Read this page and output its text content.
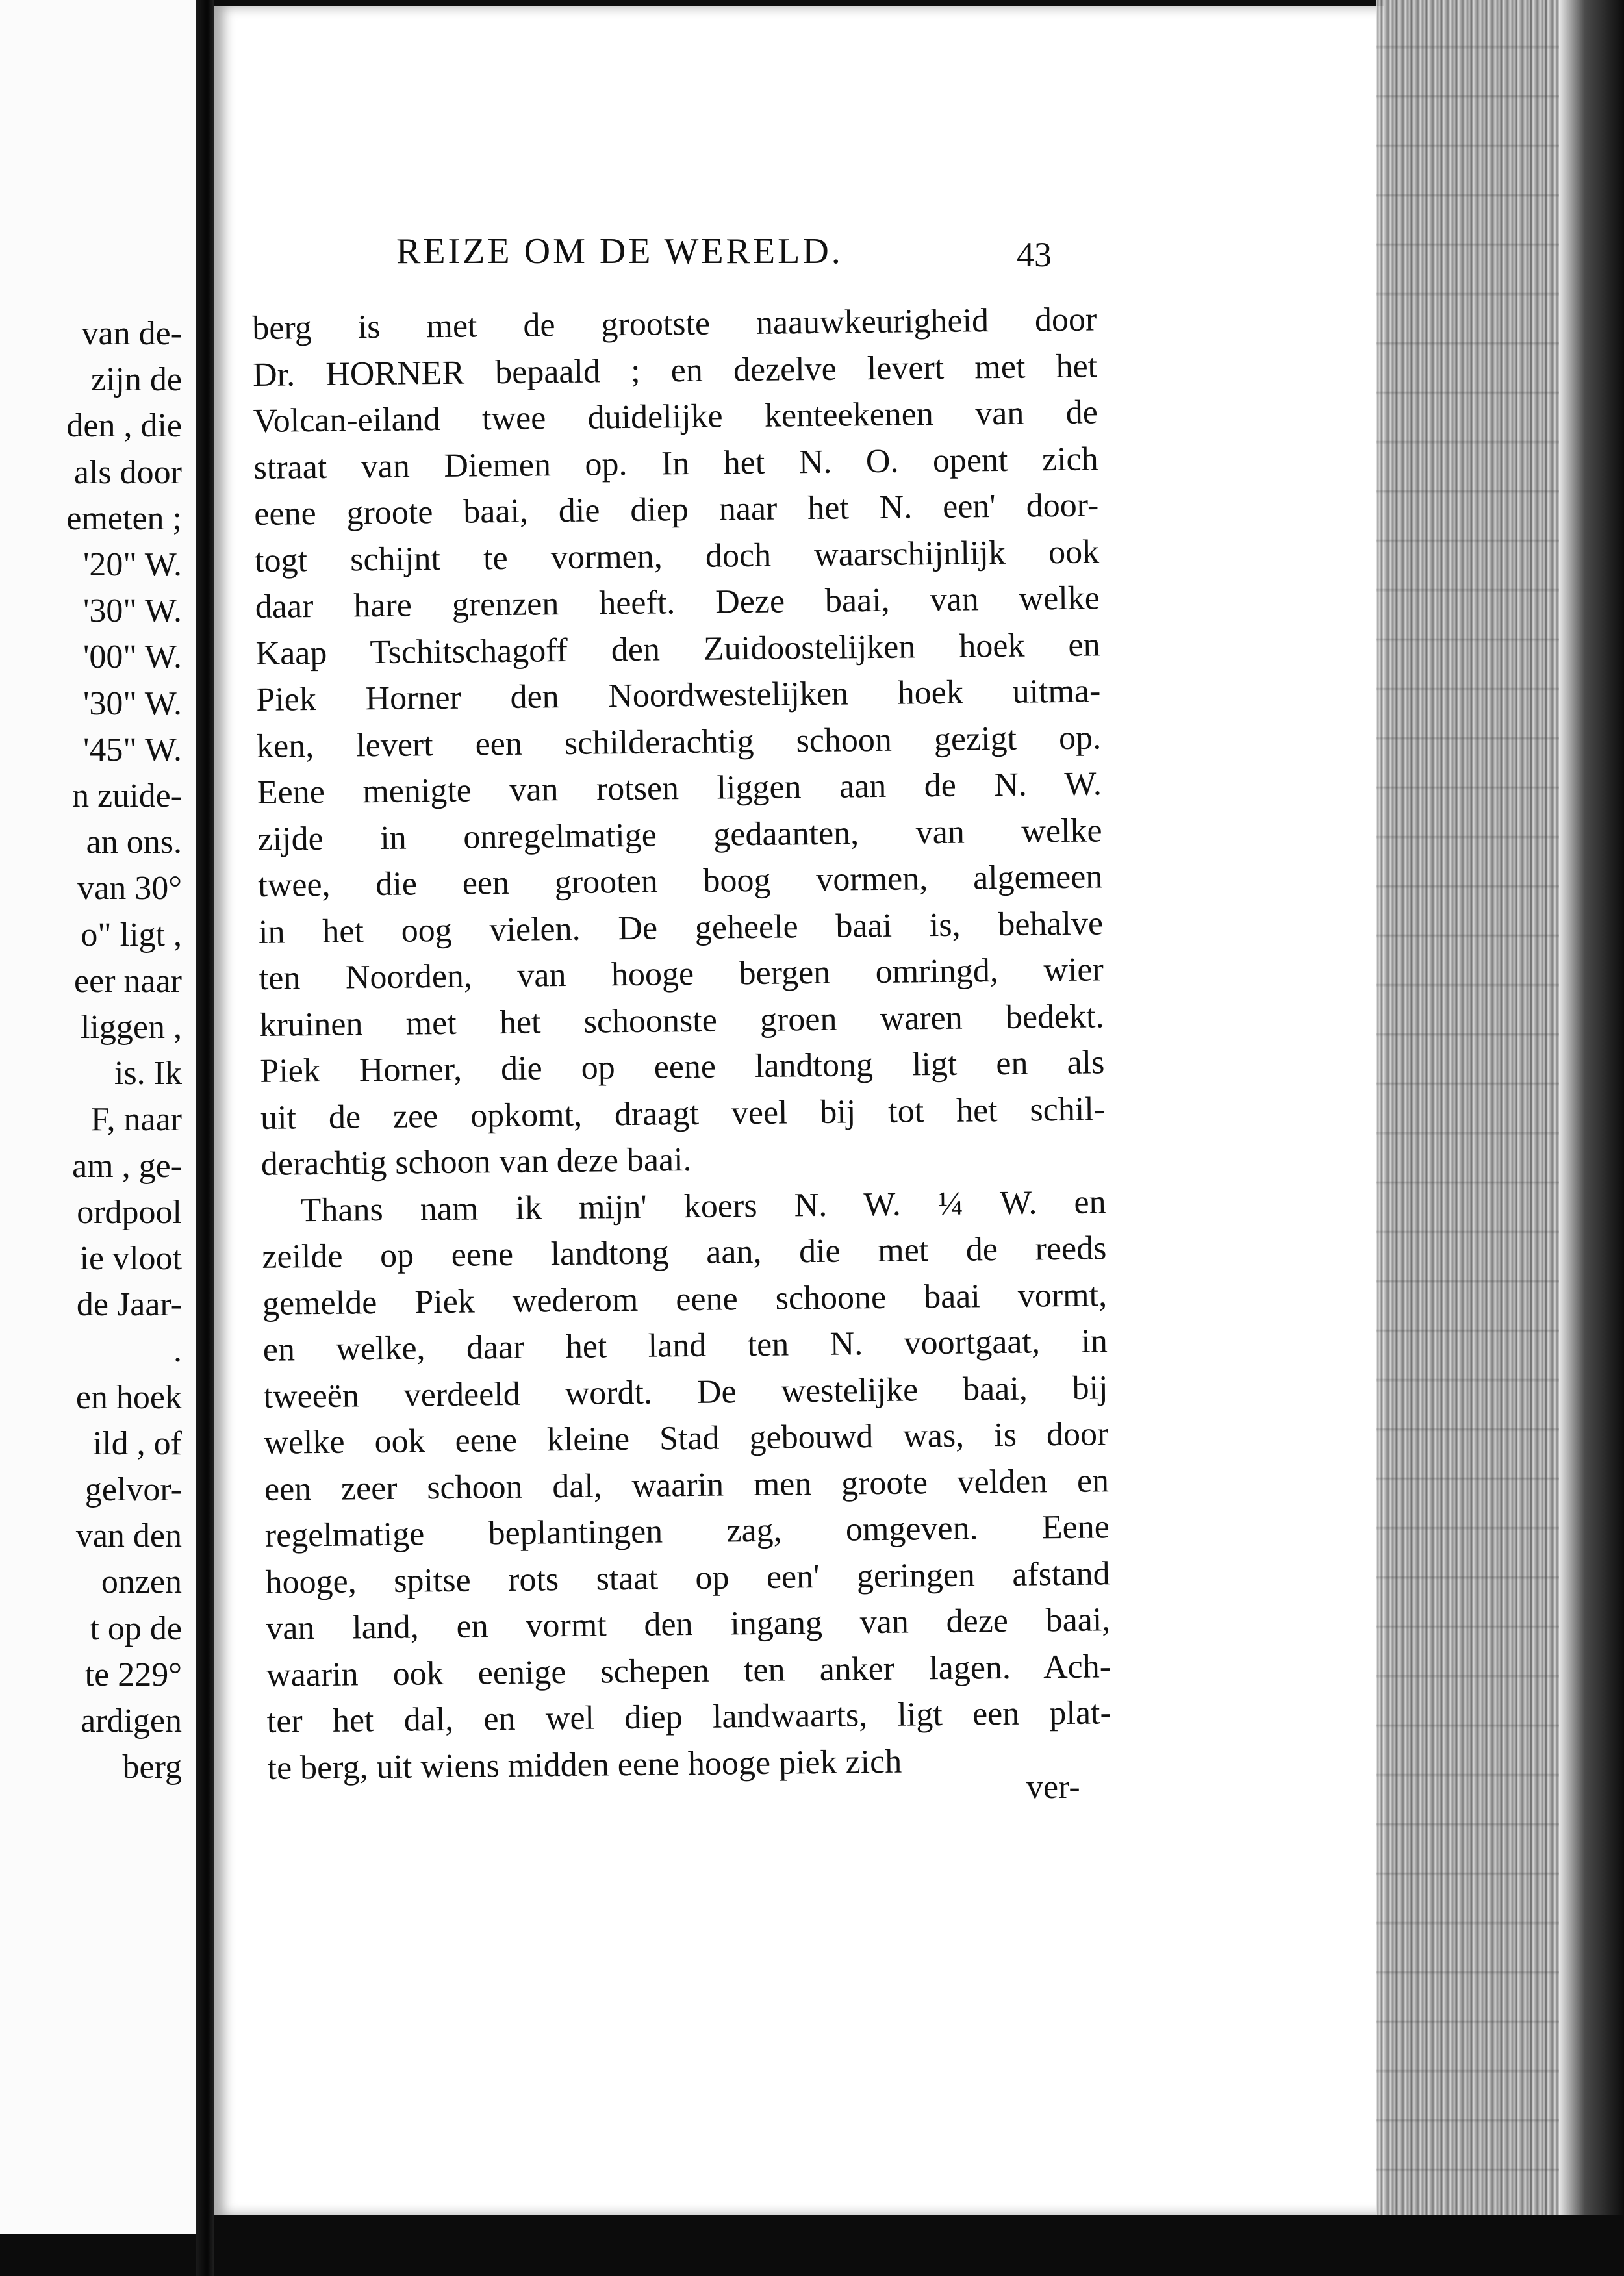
van de-
zijn de
den , die
als door
emeten ;
'20" W.
'30" W.
'00" W.
'30" W.
'45" W.
n zuide-
an ons.
van 30°
o" ligt ,
eer naar
liggen ,
is. Ik
F, naar
am , ge-
ordpool
ie vloot
de Jaar-
.
en hoek
ild , of
gelvor-
van den
onzen
t op de
te 229°
ardigen
berg
REIZE OM DE WERELD.	43
berg is met de grootste naauwkeurigheid door
Dr. HORNER bepaald ; en dezelve levert met het
Volcan-eiland twee duidelijke kenteekenen van de
straat van Diemen op. In het N. O. opent zich
eene groote baai, die diep naar het N. een' door-
togt schijnt te vormen, doch waarschijnlijk ook
daar hare grenzen heeft. Deze baai, van welke
Kaap Tschitschagoff den Zuidoostelijken hoek en
Piek Horner den Noordwestelijken hoek uitma-
ken, levert een schilderachtig schoon gezigt op.
Eene menigte van rotsen liggen aan de N. W.
zijde in onregelmatige gedaanten, van welke
twee, die een grooten boog vormen, algemeen
in het oog vielen. De geheele baai is, behalve
ten Noorden, van hooge bergen omringd, wier
kruinen met het schoonste groen waren bedekt.
Piek Horner, die op eene landtong ligt en als
uit de zee opkomt, draagt veel bij tot het schil-
derachtig schoon van deze baai.
Thans nam ik mijn' koers N. W. ¼ W. en
zeilde op eene landtong aan, die met de reeds
gemelde Piek wederom eene schoone baai vormt,
en welke, daar het land ten N. voortgaat, in
tweeën verdeeld wordt. De westelijke baai, bij
welke ook eene kleine Stad gebouwd was, is door
een zeer schoon dal, waarin men groote velden en
regelmatige beplantingen zag, omgeven. Eene
hooge, spitse rots staat op een' geringen afstand
van land, en vormt den ingang van deze baai,
waarin ook eenige schepen ten anker lagen. Ach-
ter het dal, en wel diep landwaarts, ligt een plat-
te berg, uit wiens midden eene hooge piek zich
ver-
